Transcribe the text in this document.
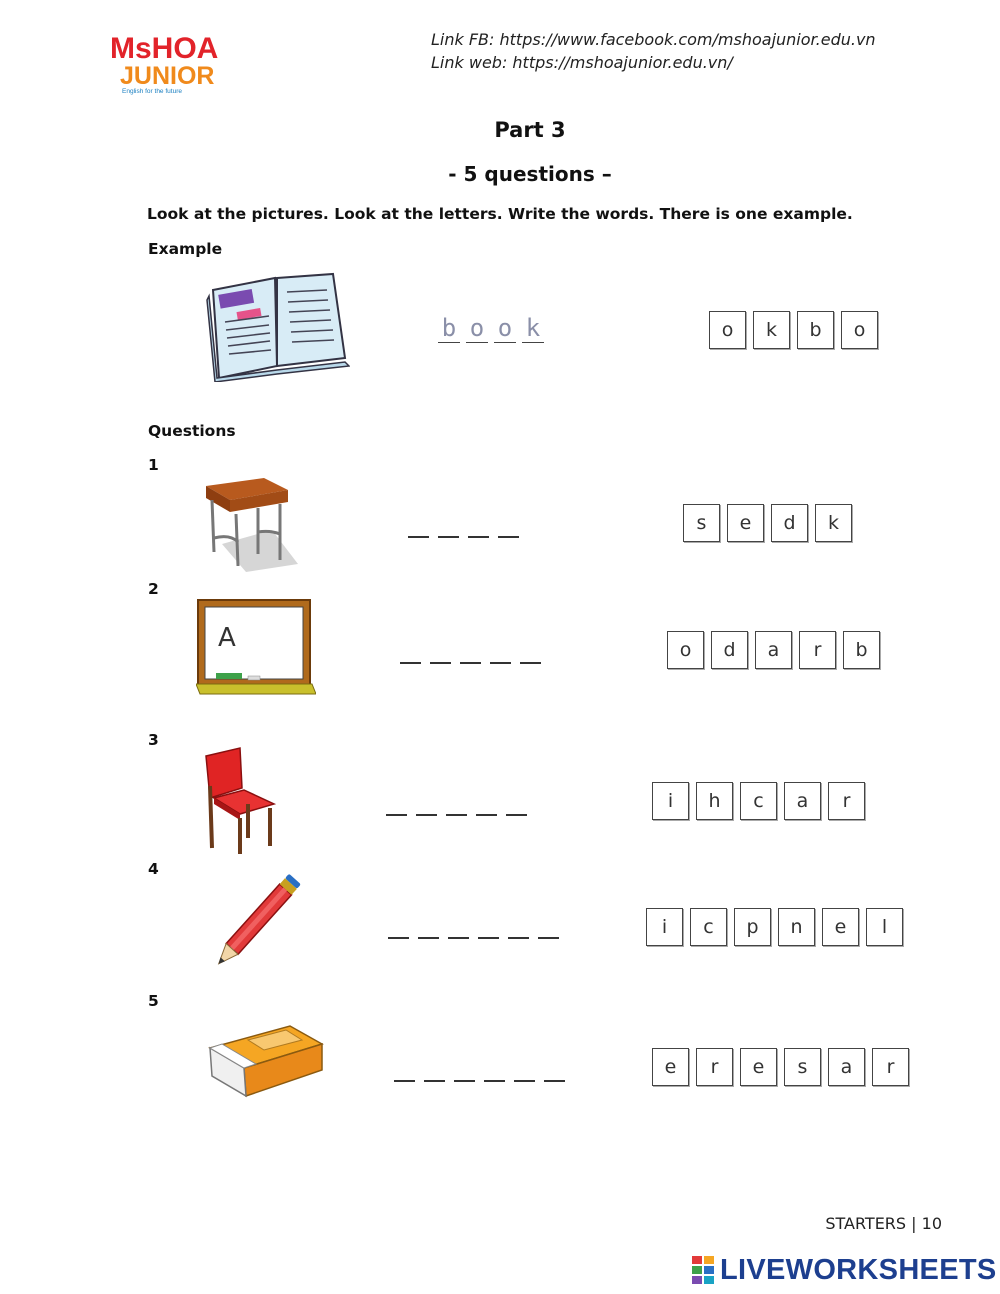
MsHOA
JUNIOR
English for the future
Link FB: https://www.facebook.com/mshoajunior.edu.vn
Link web: https://mshoajunior.edu.vn/
Part 3
- 5 questions –
Look at the pictures. Look at the letters. Write the words. There is one example.
Example
b o o k	o	k	b	o
Questions
1
s	e	d	k
2
A	o	d	a	r	b
3
i	h	c	a	r
4
i	c	p	n	e	l
5
e	r	e	s	a	r
STARTERS | 10
LIVEWORKSHEETS
